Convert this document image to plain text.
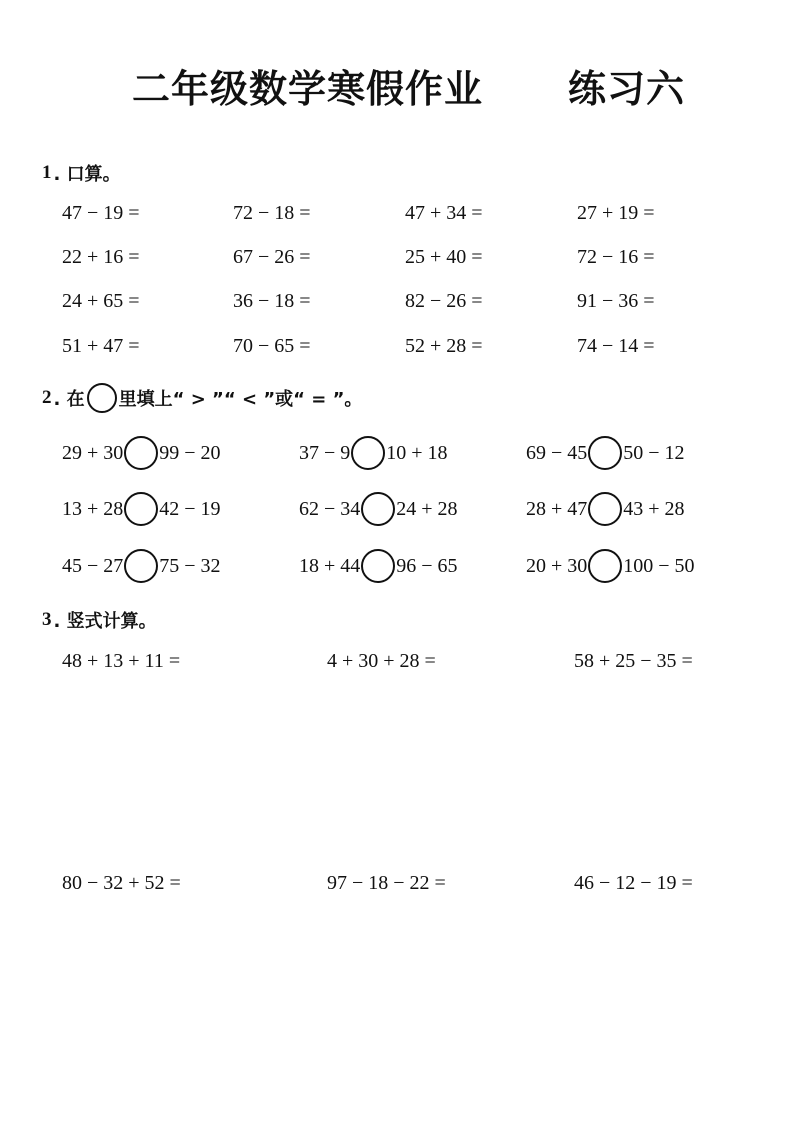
二年级数学寒假作业 练习六
1 . 口算。
47 − 19 =	72 − 18 =	47 + 34 =	27 + 19 =
22 + 16 =	67 − 26 =	25 + 40 =	72 − 16 =
24 + 65 =	36 − 18 =	82 − 26 =	91 − 36 =
51 + 47 =	70 − 65 =	52 + 28 =	74 − 14 =
2 . 在 里填上“ > ”“ < ”或“ = ”。
29 + 30 99 − 20	37 − 9 10 + 18	69 − 45 50 − 12
13 + 28 42 − 19	62 − 34 24 + 28	28 + 47 43 + 28
45 − 27 75 − 32	18 + 44 96 − 65	20 + 30 100 − 50
3 . 竖式计算。
48 + 13 + 11 =	4 + 30 + 28 =	58 + 25 − 35 =
80 − 32 + 52 =	97 − 18 − 22 =	46 − 12 − 19 =
